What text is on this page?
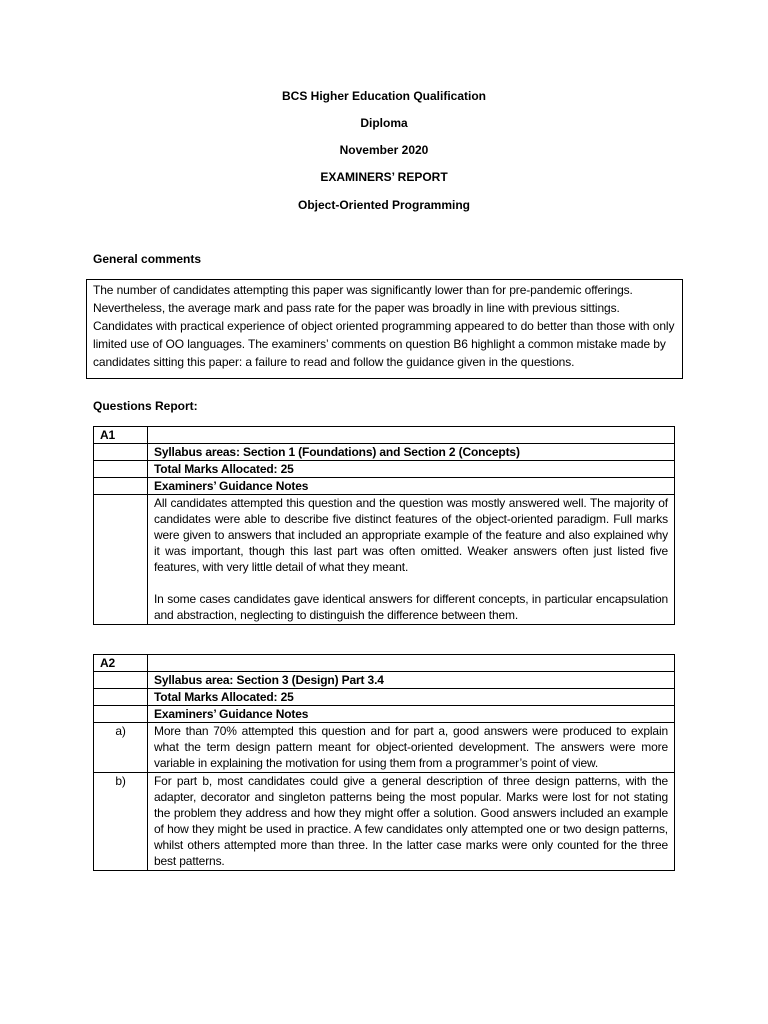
BCS Higher Education Qualification
Diploma
November 2020
EXAMINERS’ REPORT
Object-Oriented Programming
General comments
The number of candidates attempting this paper was significantly lower than for pre-pandemic offerings. Nevertheless, the average mark and pass rate for the paper was broadly in line with previous sittings. Candidates with practical experience of object oriented programming appeared to do better than those with only limited use of OO languages. The examiners’ comments on question B6 highlight a common mistake made by candidates sitting this paper: a failure to read and follow the guidance given in the questions.
Questions Report:
A1	
	Syllabus areas: Section 1 (Foundations) and Section 2 (Concepts)
	Total Marks Allocated: 25
	Examiners’ Guidance Notes

	All candidates attempted this question and the question was mostly answered well. The majority of candidates were able to describe five distinct features of the object-oriented paradigm. Full marks were given to answers that included an appropriate example of the feature and also explained why it was important, though this last part was often omitted. Weaker answers often just listed five features, with very little detail of what they meant.

In some cases candidates gave identical answers for different concepts, in particular encapsulation and abstraction, neglecting to distinguish the difference between them.

A2	
	Syllabus area: Section 3 (Design) Part 3.4
	Total Marks Allocated: 25
	Examiners’ Guidance Notes
a)	More than 70% attempted this question and for part a, good answers were produced to explain what the term design pattern meant for object-oriented development. The answers were more variable in explaining the motivation for using them from a programmer’s point of view.
b)	For part b, most candidates could give a general description of three design patterns, with the adapter, decorator and singleton patterns being the most popular. Marks were lost for not stating the problem they address and how they might offer a solution. Good answers included an example of how they might be used in practice. A few candidates only attempted one or two design patterns, whilst others attempted more than three. In the latter case marks were only counted for the three best patterns.
